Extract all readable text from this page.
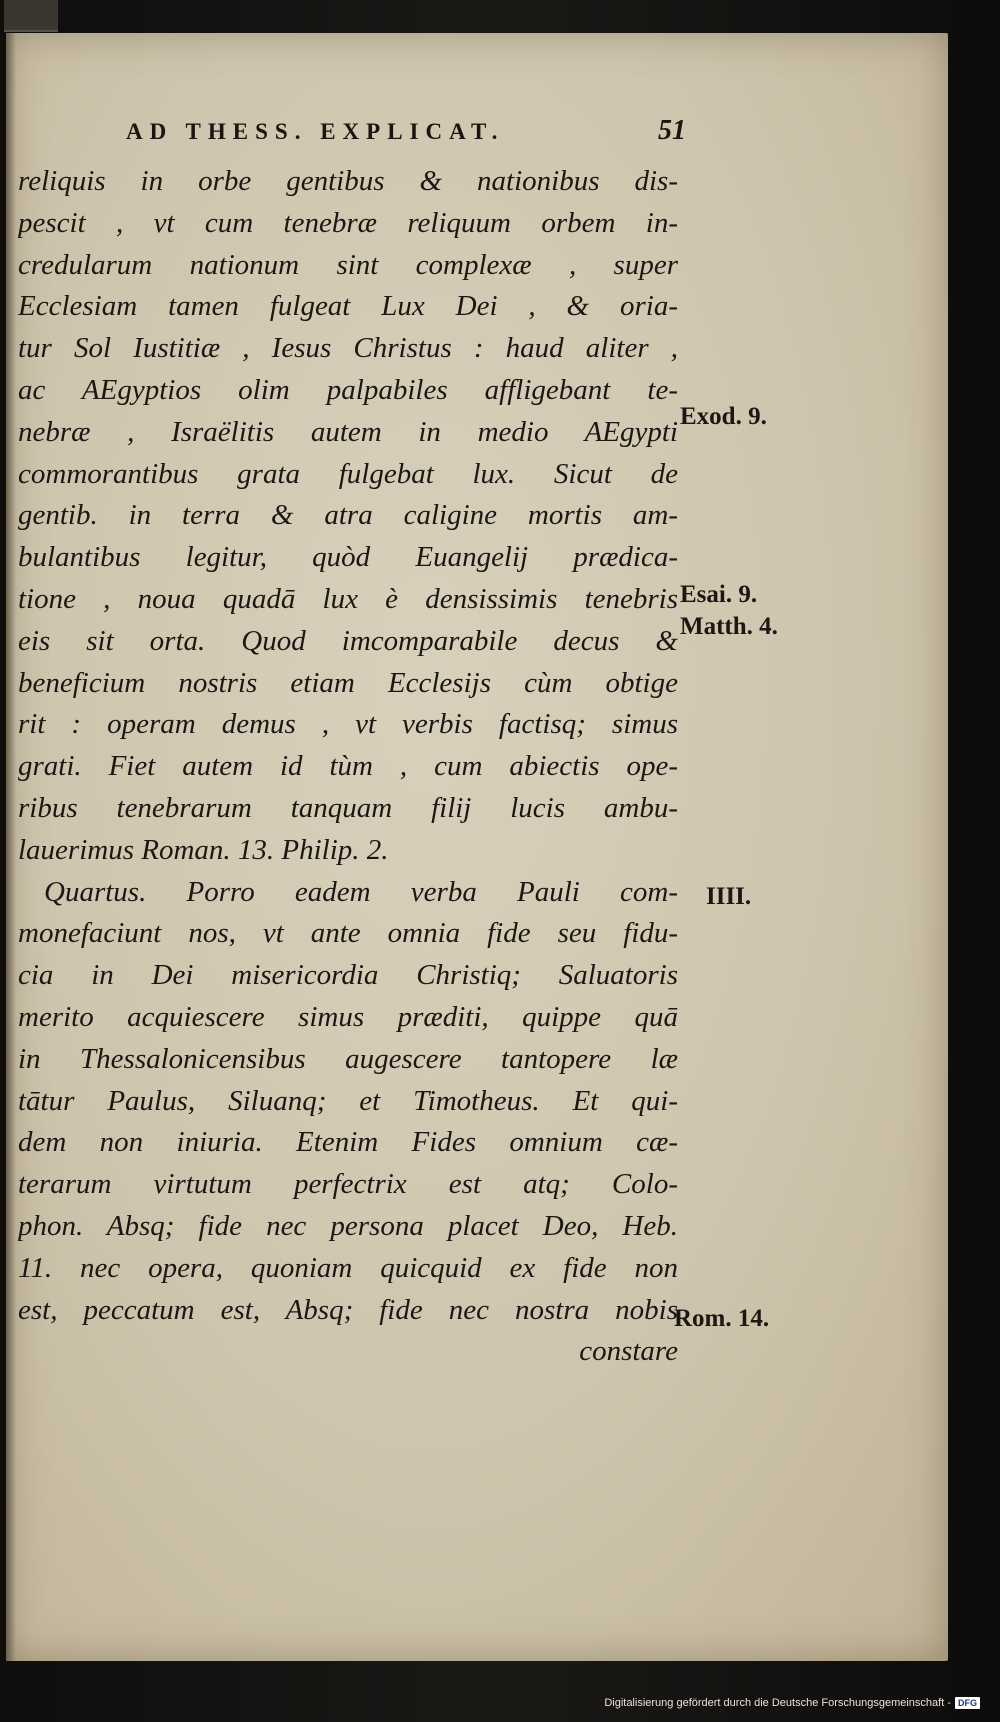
AD THESS. EXPLICAT.	51
reliquis in orbe gentibus & nationibus dis-
pescit , vt cum tenebræ reliquum orbem in-
credularum nationum sint complexæ , super
Ecclesiam tamen fulgeat Lux Dei , & oria-
tur Sol Iustitiæ , Iesus Christus : haud aliter ,
ac AEgyptios olim palpabiles affligebant te-
nebræ , Israëlitis autem in medio AEgypti
commorantibus grata fulgebat lux. Sicut de
gentib. in terra & atra caligine mortis am-
bulantibus legitur, quòd Euangelij prædica-
tione , noua quadā lux è densissimis tenebris
eis sit orta. Quod imcomparabile decus &
beneficium nostris etiam Ecclesijs cùm obtige
rit : operam demus , vt verbis factisq; simus
grati. Fiet autem id tùm , cum abiectis ope-
ribus tenebrarum tanquam filij lucis ambu-
lauerimus Roman. 13. Philip. 2.
Quartus. Porro eadem verba Pauli com-
monefaciunt nos, vt ante omnia fide seu fidu-
cia in Dei misericordia Christiq; Saluatoris
merito acquiescere simus præditi, quippe quā
in Thessalonicensibus augescere tantopere læ
tātur Paulus, Siluanq; et Timotheus. Et qui-
dem non iniuria. Etenim Fides omnium cæ-
terarum virtutum perfectrix est atq; Colo-
phon. Absq; fide nec persona placet Deo, Heb.
11. nec opera, quoniam quicquid ex fide non
est, peccatum est, Absq; fide nec nostra nobis
constare
Exod. 9.
Esai. 9.
Matth. 4.
IIII.
Rom. 14.
Digitalisierung gefördert durch die Deutsche Forschungsgemeinschaft - DFG
